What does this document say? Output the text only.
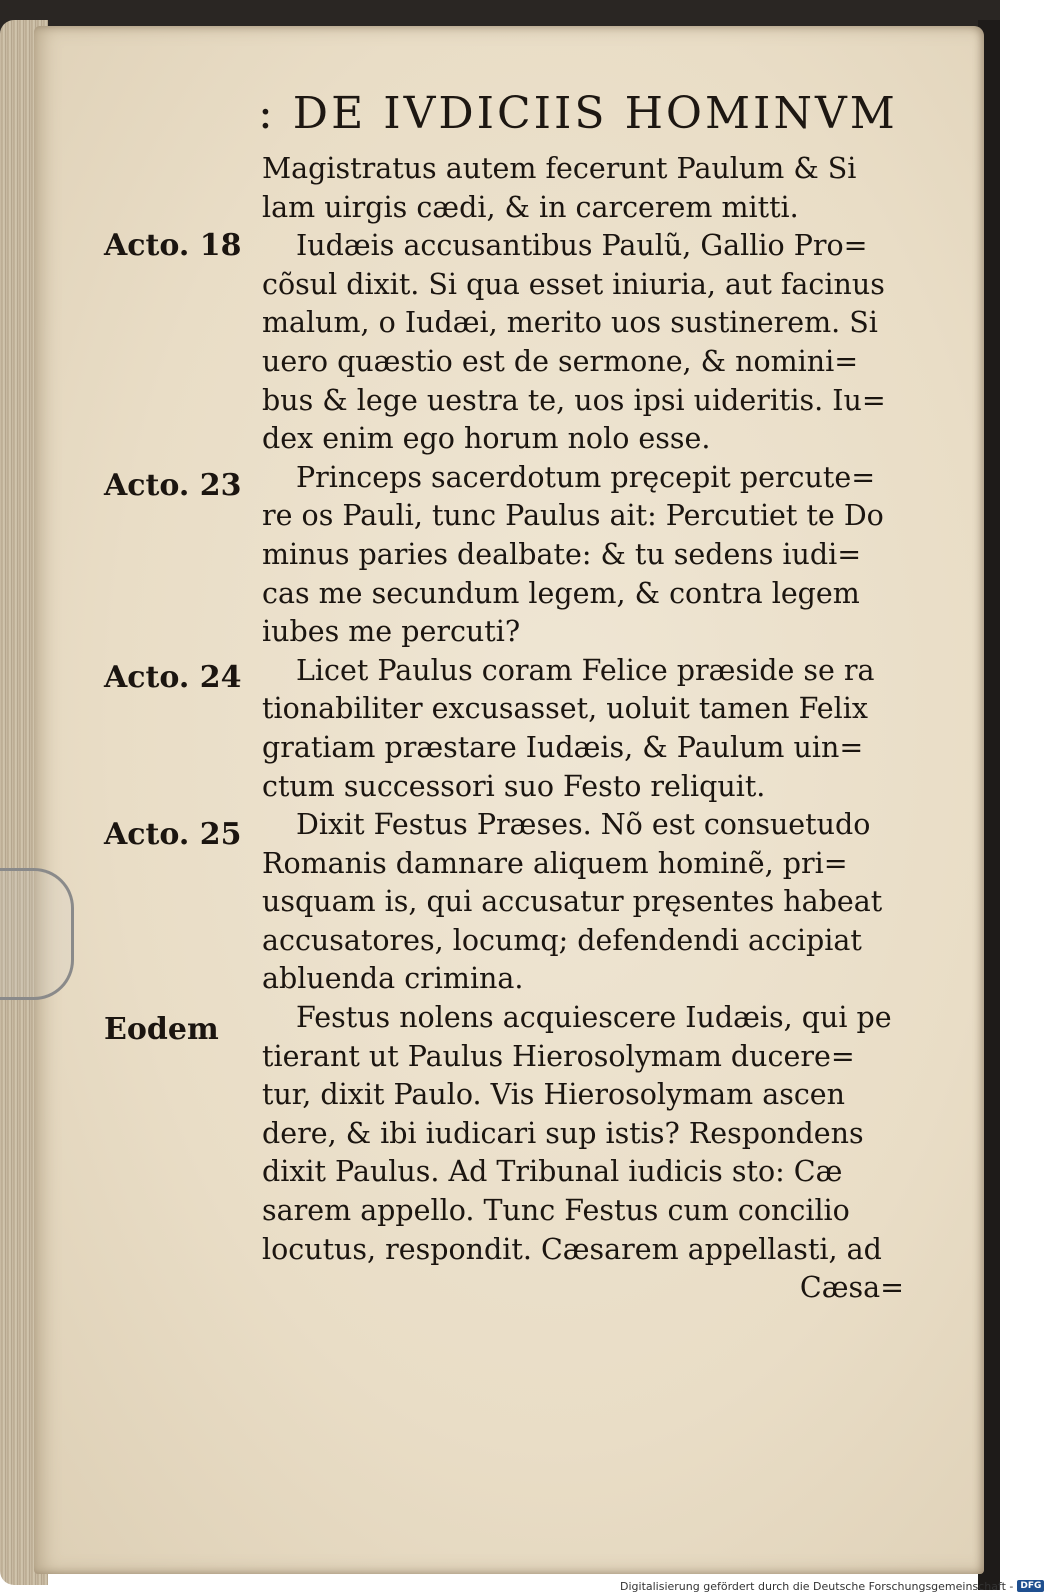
: DE IVDICIIS HOMINVM
Acto. 18
Acto. 23
Acto. 24
Acto. 25
Eodem
Magistratus autem fecerunt Paulum & Si
lam uirgis cædi, & in carcerem mitti.
Iudæis accusantibus Paulũ, Gallio Pro=
cõsul dixit. Si qua esset iniuria, aut facinus
malum, o Iudæi, merito uos sustinerem. Si
uero quæstio est de sermone, & nomini=
bus & lege uestra te, uos ipsi uideritis. Iu=
dex enim ego horum nolo esse.
Princeps sacerdotum pręcepit percute=
re os Pauli, tunc Paulus ait: Percutiet te Do
minus paries dealbate: & tu sedens iudi=
cas me secundum legem, & contra legem
iubes me percuti?
Licet Paulus coram Felice præside se ra
tionabiliter excusasset, uoluit tamen Felix
gratiam præstare Iudæis, & Paulum uin=
ctum successori suo Festo reliquit.
Dixit Festus Præses. Nõ est consuetudo
Romanis damnare aliquem hominẽ, pri=
usquam is, qui accusatur pręsentes habeat
accusatores, locumq; defendendi accipiat
abluenda crimina.
Festus nolens acquiescere Iudæis, qui pe
tierant ut Paulus Hierosolymam ducere=
tur, dixit Paulo. Vis Hierosolymam ascen
dere, & ibi iudicari sup istis? Respondens
dixit Paulus. Ad Tribunal iudicis sto: Cæ
sarem appello. Tunc Festus cum concilio
locutus, respondit. Cæsarem appellasti, ad
Cæsa=
Digitalisierung gefördert durch die Deutsche Forschungsgemeinschaft - DFG
